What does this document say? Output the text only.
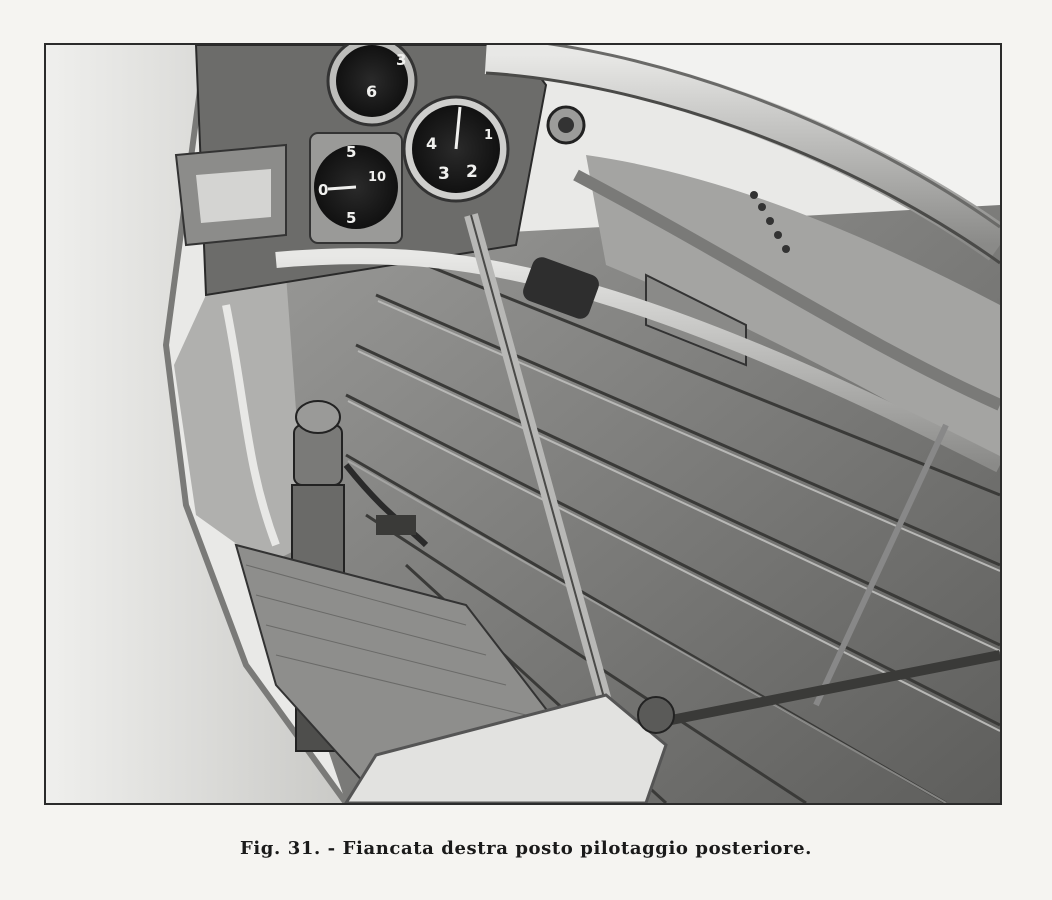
3
6
4
3 2
1
5
0
10
5
Fig. 31. - Fiancata destra posto pilotaggio posteriore.
